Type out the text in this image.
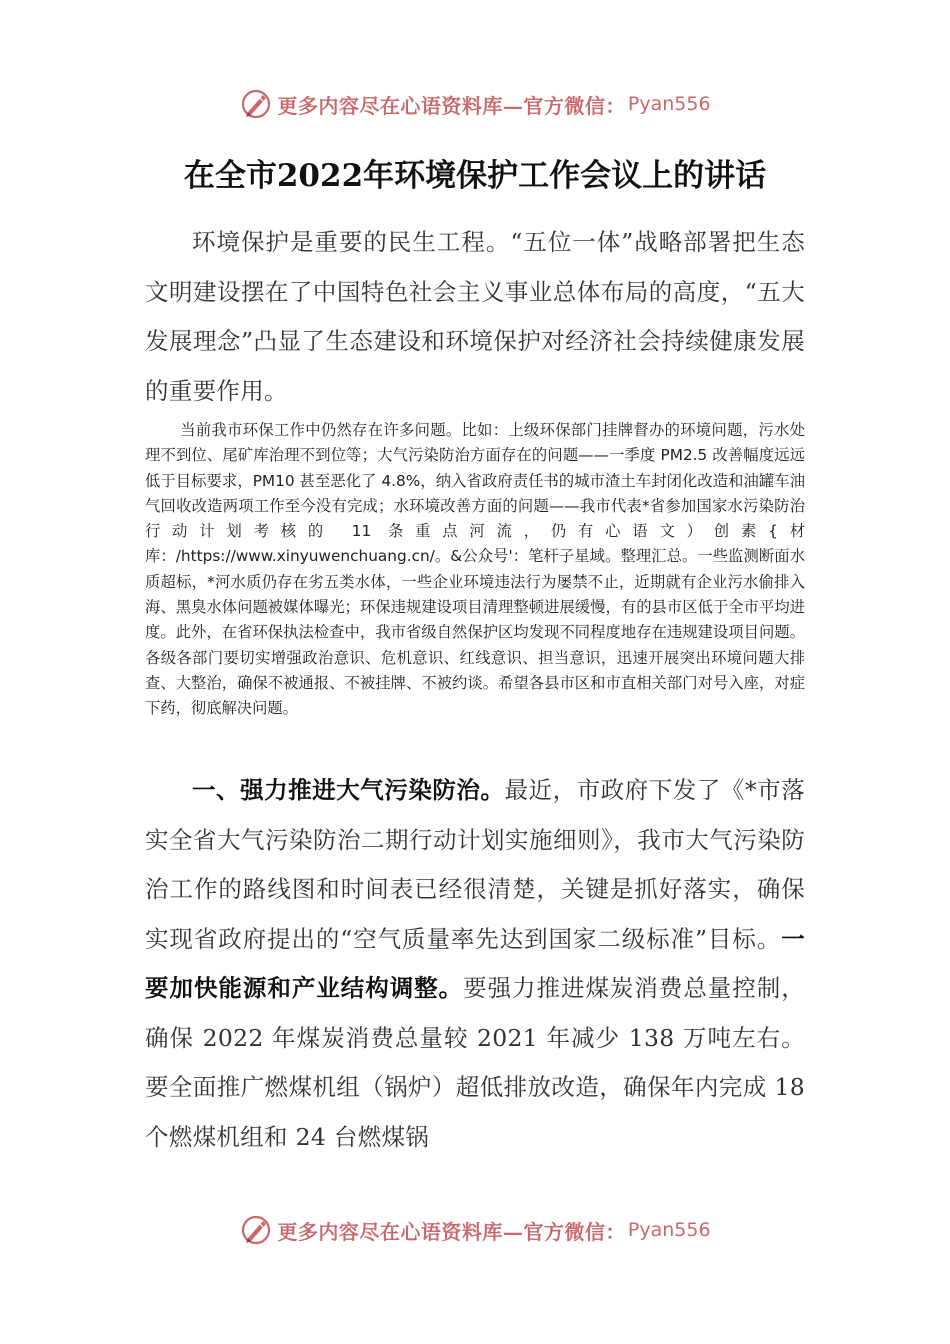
更多内容尽在心语资料库—官方微信： Pyan556
在全市2022年环境保护工作会议上的讲话

环境保护是重要的民生工程。“五位一体”战略部署把生态文明建设摆在了中国特色社会主义事业总体布局的高度，“五大发展理念”凸显了生态建设和环境保护对经济社会持续健康发展的重要作用。

当前我市环保工作中仍然存在许多问题。比如：上级环保部门挂牌督办的环境问题，污水处理不到位、尾矿库治理不到位等；大气污染防治方面存在的问题——一季度 PM2.5 改善幅度远远低于目标要求，PM10 甚至恶化了 4.8%，纳入省政府责任书的城市渣土车封闭化改造和油罐车油气回收改造两项工作至今没有完成；水环境改善方面的问题——我市代表*省参加国家水污染防治行动计划考核的 11 条重点河流，仍有心语文）创素{材库：/https://www.xinyuwenchuang.cn/。&公众号'：笔杆子星域。整理汇总。一些监测断面水质超标，*河水质仍存在劣五类水体，一些企业环境违法行为屡禁不止，近期就有企业污水偷排入海、黑臭水体问题被媒体曝光；环保违规建设项目清理整顿进展缓慢，有的县市区低于全市平均进度。此外，在省环保执法检查中，我市省级自然保护区均发现不同程度地存在违规建设项目问题。各级各部门要切实增强政治意识、危机意识、红线意识、担当意识，迅速开展突出环境问题大排查、大整治，确保不被通报、不被挂牌、不被约谈。希望各县市区和市直相关部门对号入座，对症下药，彻底解决问题。

一、强力推进大气污染防治。最近，市政府下发了《*市落实全省大气污染防治二期行动计划实施细则》，我市大气污染防治工作的路线图和时间表已经很清楚，关键是抓好落实，确保实现省政府提出的“空气质量率先达到国家二级标准”目标。一要加快能源和产业结构调整。要强力推进煤炭消费总量控制，确保 2022 年煤炭消费总量较 2021 年减少 138 万吨左右。要全面推广燃煤机组（锅炉）超低排放改造，确保年内完成 18 个燃煤机组和 24 台燃煤锅

更多内容尽在心语资料库—官方微信： Pyan556
